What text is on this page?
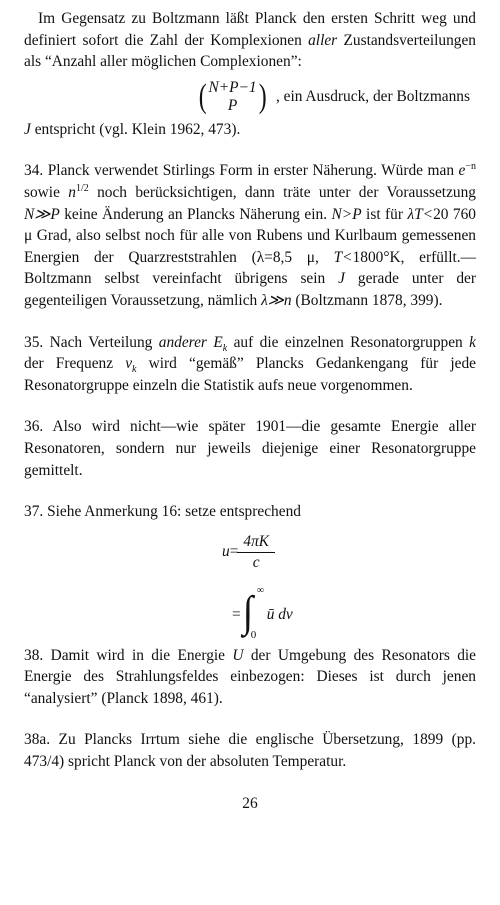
Im Gegensatz zu Boltzmann läßt Planck den ersten Schritt weg und definiert sofort die Zahl der Komplexionen aller Zustandsverteilungen als “Anzahl aller möglichen Complexionen”:

( N+P−1
P ) , ein Ausdruck, der Boltzmanns

J entspricht (vgl. Klein 1962, 473).

34. Planck verwendet Stirlings Form in erster Näherung. Würde man $e^{-n}$ sowie $n^{1/2}$ noch berücksichtigen, dann träte unter der Voraussetzung N≫P keine Änderung an Plancks Näherung ein. N>P ist für λT<20 760 μ Grad, also selbst noch für alle von Rubens und Kurlbaum gemessenen Energien der Quarzreststrahlen (λ=8,5 μ, T<1800°K, erfüllt.—Boltzmann selbst vereinfacht übrigens sein J gerade unter der gegenteiligen Voraussetzung, nämlich λ≫n (Boltzmann 1878, 399).

35. Nach Verteilung anderer $E_k$ auf die einzelnen Resonatorgruppen k der Frequenz $\nu_k$ wird “gemäß” Plancks Gedankengang für jede Resonatorgruppe einzeln die Statistik aufs neue vorgenommen.

36. Also wird nicht—wie später 1901—die gesamte Energie aller Resonatoren, sondern nur jeweils diejenige einer Resonatorgruppe gemittelt.

37. Siehe Anmerkung 16: setze entsprechend

$u = \frac{4\pi K}{c}$
= ∫ ∞
0
ū dν

38. Damit wird in die Energie U der Umgebung des Resonators die Energie des Strahlungsfeldes einbezogen: Dieses ist durch jenen “analysiert” (Planck 1898, 461).

38a. Zu Plancks Irrtum siehe die englische Übersetzung, 1899 (pp. 473/4) spricht Planck von der absoluten Temperatur.

26
